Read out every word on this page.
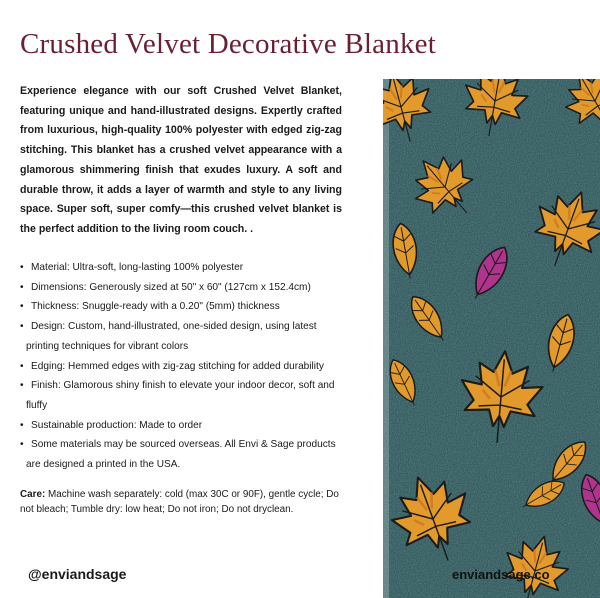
Crushed Velvet Decorative Blanket

Experience elegance with our soft Crushed Velvet Blanket, featuring unique and hand-illustrated designs. Expertly crafted from luxurious, high-quality 100% polyester with edged zig-zag stitching. This blanket has a crushed velvet appearance with a glamorous shimmering finish that exudes luxury. A soft and durable throw, it adds a layer of warmth and style to any living space. Super soft, super comfy—this crushed velvet blanket is the perfect addition to the living room couch. .

• Material: Ultra-soft, long-lasting 100% polyester
• Dimensions: Generously sized at 50" x 60" (127cm x 152.4cm)
• Thickness: Snuggle-ready with a 0.20" (5mm) thickness
• Design: Custom, hand-illustrated, one-sided design, using latest
printing techniques for vibrant colors
• Edging: Hemmed edges with zig-zag stitching for added durability
• Finish: Glamorous shiny finish to elevate your indoor decor, soft and
fluffy
• Sustainable production: Made to order
• Some materials may be sourced overseas. All Envi & Sage products
are designed a printed in the USA.

Care: Machine wash separately: cold (max 30C or 90F), gentle cycle; Do not bleach; Tumble dry: low heat; Do not iron; Do not dryclean.

@enviandsage	enviandsage.co
